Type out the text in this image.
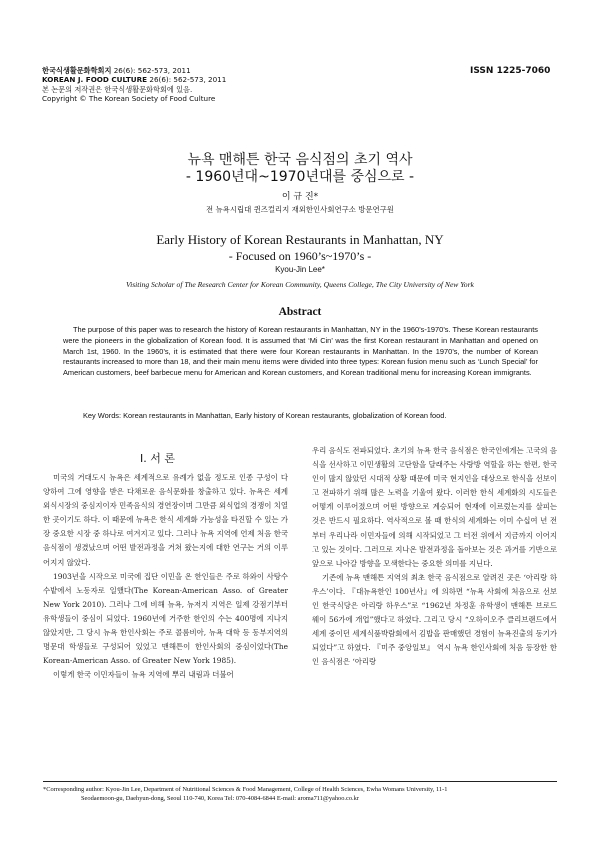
한국식생활문화학회지 26(6): 562-573, 2011
KOREAN J. FOOD CULTURE 26(6): 562-573, 2011
본 논문의 저작권은 한국식생활문화학회에 있음.
Copyright © The Korean Society of Food Culture
ISSN 1225-7060
뉴욕 맨해튼 한국 음식점의 초기 역사
- 1960년대~1970년대를 중심으로 -
이 규 진*
전 뉴욕시립대 퀸즈컬리지 재외한인사회연구소 방문연구원
Early History of Korean Restaurants in Manhattan, NY
- Focused on 1960’s~1970’s -
Kyou-Jin Lee*
Visiting Scholar of The Research Center for Korean Community, Queens College, The City University of New York
Abstract
The purpose of this paper was to research the history of Korean restaurants in Manhattan, NY in the 1960’s-1970’s. These Korean restaurants were the pioneers in the globalization of Korean food. It is assumed that ‘Mi Cin’ was the first Korean restaurant in Manhattan and opened on March 1st, 1960. In the 1960’s, it is estimated that there were four Korean restaurants in Manhattan. In the 1970’s, the number of Korean restaurants increased to more than 18, and their main menu items were divided into three types: Korean fusion menu such as ‘Lunch Special’ for American customers, beef barbecue menu for American and Korean customers, and Korean traditional menu for increasing Korean immigrants.
Key Words: Korean restaurants in Manhattan, Early history of Korean restaurants, globalization of Korean food.
I. 서 론

미국의 거대도시 뉴욕은 세계적으로 유례가 없을 정도로 인종 구성이 다양하여 그에 영향을 받은 다채로운 음식문화를 창출하고 있다. 뉴욕은 세계 외식시장의 중심지이자 민족음식의 경연장이며 그만큼 외식업의 경쟁이 치열한 곳이기도 하다. 이 때문에 뉴욕은 한식 세계화 가능성을 타진할 수 있는 가장 중요한 시장 중 하나로 여겨지고 있다. 그러나 뉴욕 지역에 언제 처음 한국 음식점이 생겼났으며 어떤 발전과정을 거쳐 왔는지에 대한 연구는 거의 이루어지지 않았다.

1903년을 시작으로 미국에 집단 이민을 온 한인들은 주로 하와이 사탕수수밭에서 노동자로 일했다(The Korean-American Asso. of Greater New York 2010). 그러나 그에 비해 뉴욕, 뉴저지 지역은 일제 강점기부터 유학생들이 중심이 되었다. 1960년에 거주한 한인의 수는 400명에 지나지 않았지만, 그 당시 뉴욕 한인사회는 주로 콜롬비아, 뉴욕 대학 등 동부지역의 명문대 학생들로 구성되어 있었고 맨해튼이 한인사회의 중심이었다(The Korean-American Asso. of Greater New York 1985).

이렇게 한국 이민자들이 뉴욕 지역에 뿌리 내림과 더불어

우리 음식도 전파되었다. 초기의 뉴욕 한국 음식점은 한국인에게는 고국의 음식을 선사하고 이민생활의 고단함을 달래주는 사랑방 역할을 하는 한편, 한국인이 많지 않았던 시대적 상황 때문에 미국 현지인을 대상으로 한식을 선보이고 전파하기 위해 많은 노력을 기울여 왔다. 이러한 한식 세계화의 시도들은 어떻게 이루어졌으며 어떤 방향으로 계승되어 현재에 이르렀는지를 살피는 것은 반드시 필요하다. 역사적으로 볼 때 한식의 세계화는 이미 수십여 년 전부터 우리나라 이민자들에 의해 시작되었고 그 터전 위에서 지금까지 이어지고 있는 것이다. 그러므로 지나온 발전과정을 돌아보는 것은 과거를 기반으로 앞으로 나아갈 방향을 모색한다는 중요한 의미를 지닌다.

기존에 뉴욕 맨해튼 지역의 최초 한국 음식점으로 알려진 곳은 ‘아리랑 하우스’이다. 『대뉴욕한인 100년사』에 의하면 “뉴욕 사회에 처음으로 선보인 한국식당은 아리랑 하우스”로 “1962년 차정훈 유학생이 맨해튼 브로드웨이 56가에 개업”했다고 하였다. 그리고 당시 “오하이오주 클리브랜드에서 세계 중이던 세계식품박람회에서 김밥을 판매했던 경험이 뉴욕진출의 동기가 되었다”고 하였다. 『미주 중앙일보』 역시 뉴욕 한인사회에 처음 등장한 한인 음식점은 ‘아리랑

*Corresponding author: Kyou-Jin Lee, Department of Nutritional Sciences & Food Management, College of Health Sciences, Ewha Womans University, 11-1
Seodaemoon-gu, Daehyun-dong, Seoul 110-740, Korea Tel: 070-4084-6844 E-mail: aroma711@yahoo.co.kr
